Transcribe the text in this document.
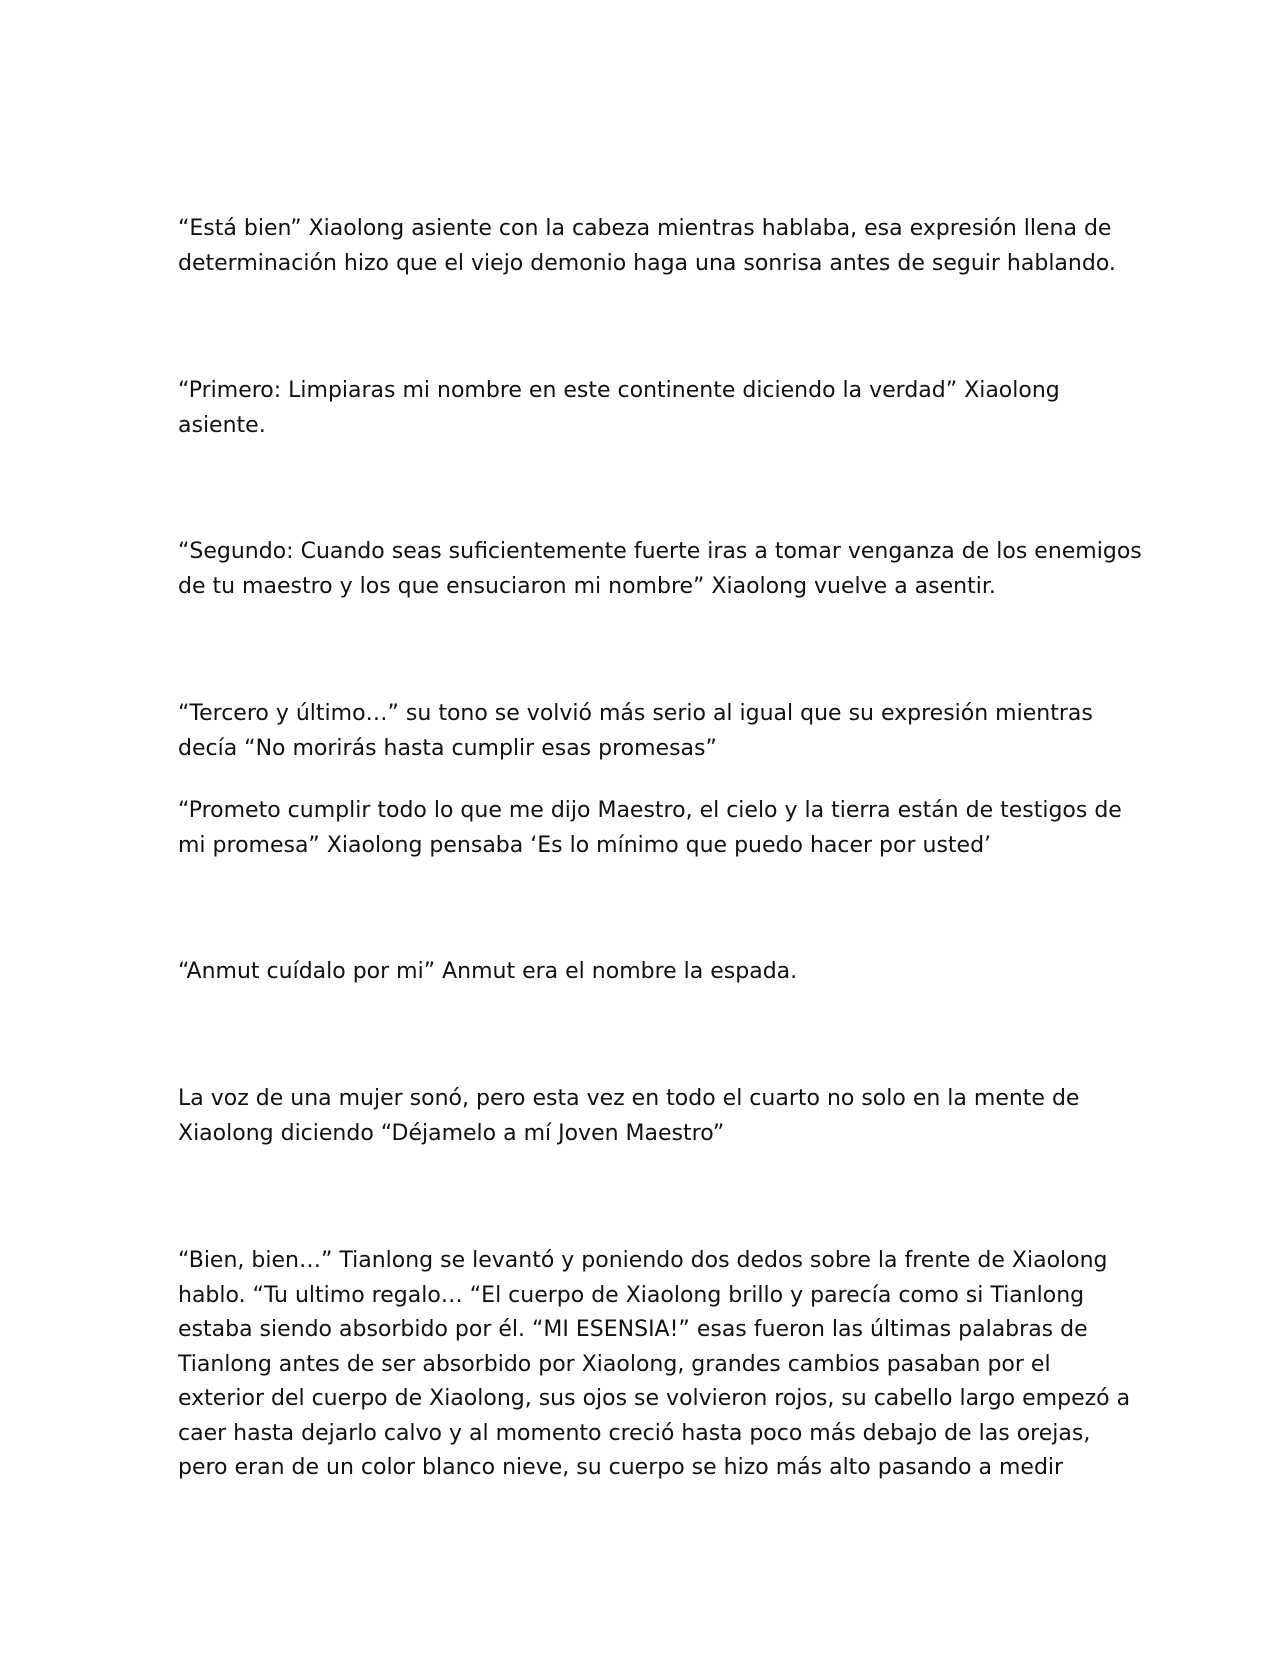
“Está bien” Xiaolong asiente con la cabeza mientras hablaba, esa expresión llena de
determinación hizo que el viejo demonio haga una sonrisa antes de seguir hablando.

“Primero: Limpiaras mi nombre en este continente diciendo la verdad” Xiaolong
asiente.

“Segundo: Cuando seas suficientemente fuerte iras a tomar venganza de los enemigos
de tu maestro y los que ensuciaron mi nombre” Xiaolong vuelve a asentir.

“Tercero y último…” su tono se volvió más serio al igual que su expresión mientras
decía “No morirás hasta cumplir esas promesas”

“Prometo cumplir todo lo que me dijo Maestro, el cielo y la tierra están de testigos de
mi promesa” Xiaolong pensaba ‘Es lo mínimo que puedo hacer por usted’

“Anmut cuídalo por mi” Anmut era el nombre la espada.

La voz de una mujer sonó, pero esta vez en todo el cuarto no solo en la mente de
Xiaolong diciendo “Déjamelo a mí Joven Maestro”

“Bien, bien…” Tianlong se levantó y poniendo dos dedos sobre la frente de Xiaolong
hablo. “Tu ultimo regalo… “El cuerpo de Xiaolong brillo y parecía como si Tianlong
estaba siendo absorbido por él. “MI ESENSIA!” esas fueron las últimas palabras de
Tianlong antes de ser absorbido por Xiaolong, grandes cambios pasaban por el
exterior del cuerpo de Xiaolong, sus ojos se volvieron rojos, su cabello largo empezó a
caer hasta dejarlo calvo y al momento creció hasta poco más debajo de las orejas,
pero eran de un color blanco nieve, su cuerpo se hizo más alto pasando a medir
